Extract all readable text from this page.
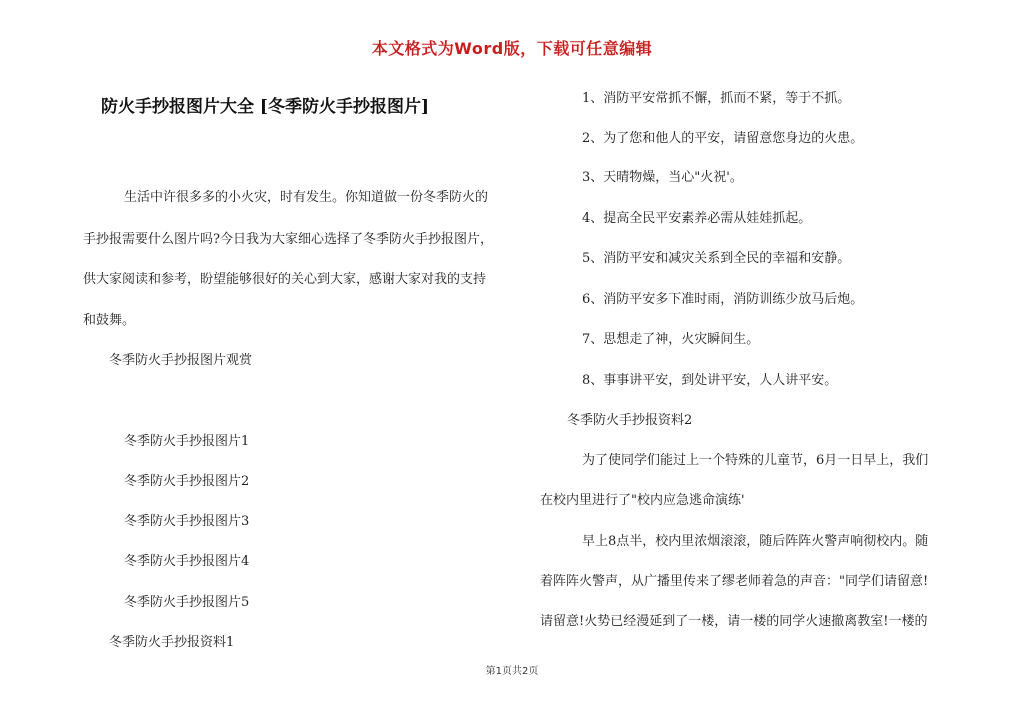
本文格式为Word版，下载可任意编辑
防火手抄报图片大全 [冬季防火手抄报图片]
生活中许很多多的小火灾，时有发生。你知道做一份冬季防火的
手抄报需要什么图片吗?今日我为大家细心选择了冬季防火手抄报图片，
供大家阅读和参考，盼望能够很好的关心到大家，感谢大家对我的支持
和鼓舞。
冬季防火手抄报图片观赏
冬季防火手抄报图片1
冬季防火手抄报图片2
冬季防火手抄报图片3
冬季防火手抄报图片4
冬季防火手抄报图片5
冬季防火手抄报资料1
1、消防平安常抓不懈，抓而不紧，等于不抓。
2、为了您和他人的平安，请留意您身边的火患。
3、天晴物燥，当心"火祝'。
4、提高全民平安素养必需从娃娃抓起。
5、消防平安和减灾关系到全民的幸福和安静。
6、消防平安多下准时雨，消防训练少放马后炮。
7、思想走了神，火灾瞬间生。
8、事事讲平安，到处讲平安，人人讲平安。
冬季防火手抄报资料2
为了使同学们能过上一个特殊的儿童节，6月一日早上，我们
在校内里进行了"校内应急逃命演练'
早上8点半，校内里浓烟滚滚，随后阵阵火警声响彻校内。随
着阵阵火警声，从广播里传来了缪老师着急的声音："同学们请留意!
请留意!火势已经漫延到了一楼，请一楼的同学火速撤离教室!一楼的
第1页共2页
